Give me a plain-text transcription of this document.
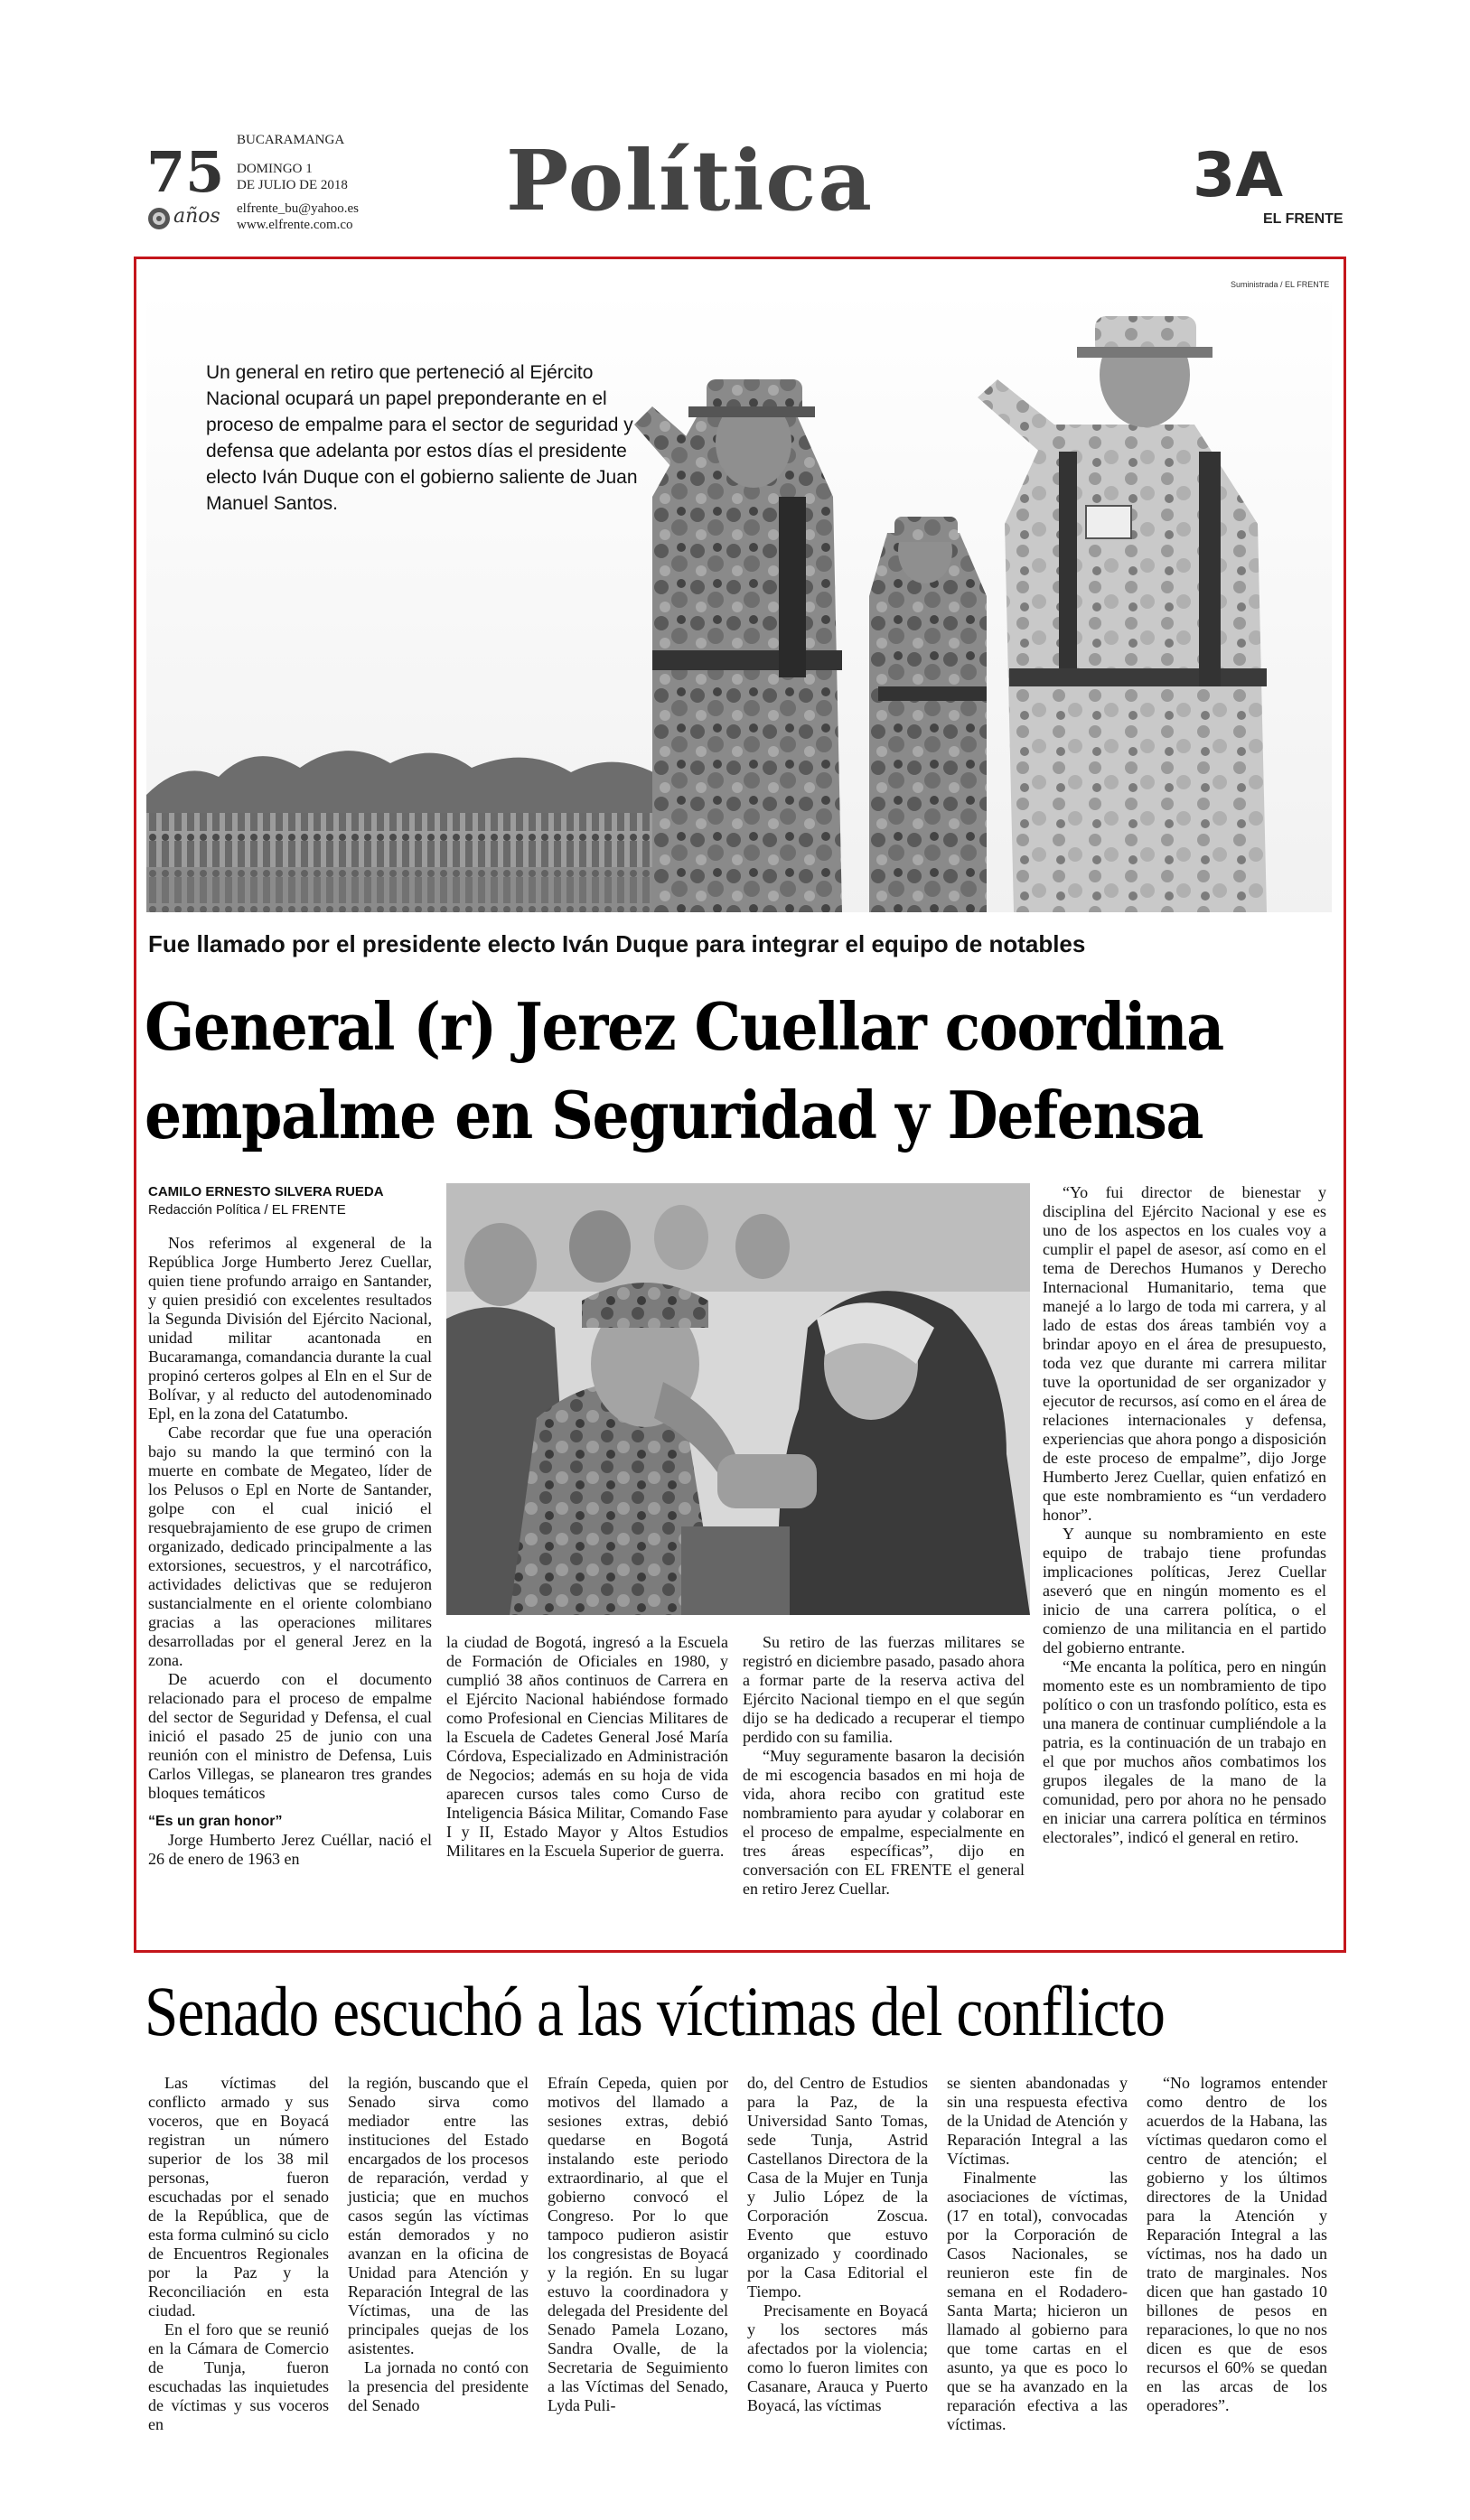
75
años
BUCARAMANGA
DOMINGO 1
DE JULIO DE 2018
elfrente_bu@yahoo.es
www.elfrente.com.co Política	3A
EL FRENTE
Suministrada / EL FRENTE
Un general en retiro que perteneció al Ejército Nacional ocupará un papel preponderante en el proceso de empalme para el sector de seguridad y defensa que adelanta por estos días el presidente electo Iván Duque con el gobierno saliente de Juan Manuel Santos.
Fue llamado por el presidente electo Iván Duque para integrar el equipo de notables
General (r) Jerez Cuellar coordina
empalme en Seguridad y Defensa
CAMILO ERNESTO SILVERA RUEDA
Redacción Política / EL FRENTE

Nos referimos al exgeneral de la República Jorge Humberto Jerez Cuellar, quien tiene profundo arraigo en Santander, y quien presidió con excelentes resultados la Segunda División del Ejército Nacional, unidad militar acantonada en Bucaramanga, comandancia durante la cual propinó certeros golpes al Eln en el Sur de Bolívar, y al reducto del autodenominado Epl, en la zona del Catatumbo.

Cabe recordar que fue una operación bajo su mando la que terminó con la muerte en combate de Megateo, líder de los Pelusos o Epl en Norte de Santander, golpe con el cual inició el resquebrajamiento de ese grupo de crimen organizado, dedicado principalmente a las extorsiones, secuestros, y el narcotráfico, actividades delictivas que se redujeron sustancialmente en el oriente colombiano gracias a las operaciones militares desarrolladas por el general Jerez en la zona.

De acuerdo con el documento relacionado para el proceso de empalme del sector de Seguridad y Defensa, el cual inició el pasado 25 de junio con una reunión con el ministro de Defensa, Luis Carlos Villegas, se planearon tres grandes bloques temáticos

“Es un gran honor”

Jorge Humberto Jerez Cuéllar, nació el 26 de enero de 1963 en

la ciudad de Bogotá, ingresó a la Escuela de Formación de Oficiales en 1980, y cumplió 38 años continuos de Carrera en el Ejército Nacional habiéndose formado como Profesional en Ciencias Militares de la Escuela de Cadetes General José María Córdova, Especializado en Administración de Negocios; además en su hoja de vida aparecen cursos tales como Curso de Inteligencia Básica Militar, Comando Fase I y II, Estado Mayor y Altos Estudios Militares en la Escuela Superior de guerra.

Su retiro de las fuerzas militares se registró en diciembre pasado, pasado ahora a formar parte de la reserva activa del Ejército Nacional tiempo en el que según dijo se ha dedicado a recuperar el tiempo perdido con su familia.

“Muy seguramente basaron la decisión de mi escogencia basados en mi hoja de vida, ahora recibo con gratitud este nombramiento para ayudar y colaborar en el proceso de empalme, especialmente en tres áreas específicas”, dijo en conversación con EL FRENTE el general en retiro Jerez Cuellar.

“Yo fui director de bienestar y disciplina del Ejército Nacional y ese es uno de los aspectos en los cuales voy a cumplir el papel de asesor, así como en el tema de Derechos Humanos y Derecho Internacional Humanitario, tema que manejé a lo largo de toda mi carrera, y al lado de estas dos áreas también voy a brindar apoyo en el área de presupuesto, toda vez que durante mi carrera militar tuve la oportunidad de ser organizador y ejecutor de recursos, así como en el área de relaciones internacionales y defensa, experiencias que ahora pongo a disposición de este proceso de empalme”, dijo Jorge Humberto Jerez Cuellar, quien enfatizó en que este nombramiento es “un verdadero honor”.

Y aunque su nombramiento en este equipo de trabajo tiene profundas implicaciones políticas, Jerez Cuellar aseveró que en ningún momento es el inicio de una carrera política, o el comienzo de una militancia en el partido del gobierno entrante.

“Me encanta la política, pero en ningún momento este es un nombramiento de tipo político o con un trasfondo político, esta es una manera de continuar cumpliéndole a la patria, es la continuación de un trabajo en el que por muchos años combatimos los grupos ilegales de la mano de la comunidad, pero por ahora no he pensado en iniciar una carrera política en términos electorales”, indicó el general en retiro.

Senado escuchó a las víctimas del conflicto

Las víctimas del conflicto armado y sus voceros, que en Boyacá registran un número superior de los 38 mil personas, fueron escuchadas por el senado de la República, que de esta forma culminó su ciclo de Encuentros Regionales por la Paz y la Reconciliación en esta ciudad.

En el foro que se reunió en la Cámara de Comercio de Tunja, fueron escuchadas las inquietudes de víctimas y sus voceros en

la región, buscando que el Senado sirva como mediador entre las instituciones del Estado encargados de los procesos de reparación, verdad y justicia; que en muchos casos según las víctimas están demorados y no avanzan en la oficina de Unidad para Atención y Reparación Integral de las Víctimas, una de las principales quejas de los asistentes.

La jornada no contó con la presencia del presidente del Senado

Efraín Cepeda, quien por motivos del llamado a sesiones extras, debió quedarse en Bogotá instalando este periodo extraordinario, al que el gobierno convocó el Congreso. Por lo que tampoco pudieron asistir los congresistas de Boyacá y la región. En su lugar estuvo la coordinadora y delegada del Presidente del Senado Pamela Lozano, Sandra Ovalle, de la Secretaria de Seguimiento a las Víctimas del Senado, Lyda Puli-

do, del Centro de Estudios para la Paz, de la Universidad Santo Tomas, sede Tunja, Astrid Castellanos Directora de la Casa de la Mujer en Tunja y Julio López de la Corporación Zoscua. Evento que estuvo organizado y coordinado por la Casa Editorial el Tiempo.

Precisamente en Boyacá y los sectores más afectados por la violencia; como lo fueron limites con Casanare, Arauca y Puerto Boyacá, las víctimas

se sienten abandonadas y sin una respuesta efectiva de la Unidad de Atención y Reparación Integral a las Víctimas.

Finalmente las asociaciones de víctimas, (17 en total), convocadas por la Corporación de Casos Nacionales, se reunieron este fin de semana en el Rodadero-Santa Marta; hicieron un llamado al gobierno para que tome cartas en el asunto, ya que es poco lo que se ha avanzado en la reparación efectiva a las víctimas.

“No logramos entender como dentro de los acuerdos de la Habana, las víctimas quedaron como el centro de atención; el gobierno y los últimos directores de la Unidad para la Atención y Reparación Integral a las víctimas, nos ha dado un trato de marginales. Nos dicen que han gastado 10 billones de pesos en reparaciones, lo que no nos dicen es que de esos recursos el 60% se quedan en las arcas de los operadores”.
